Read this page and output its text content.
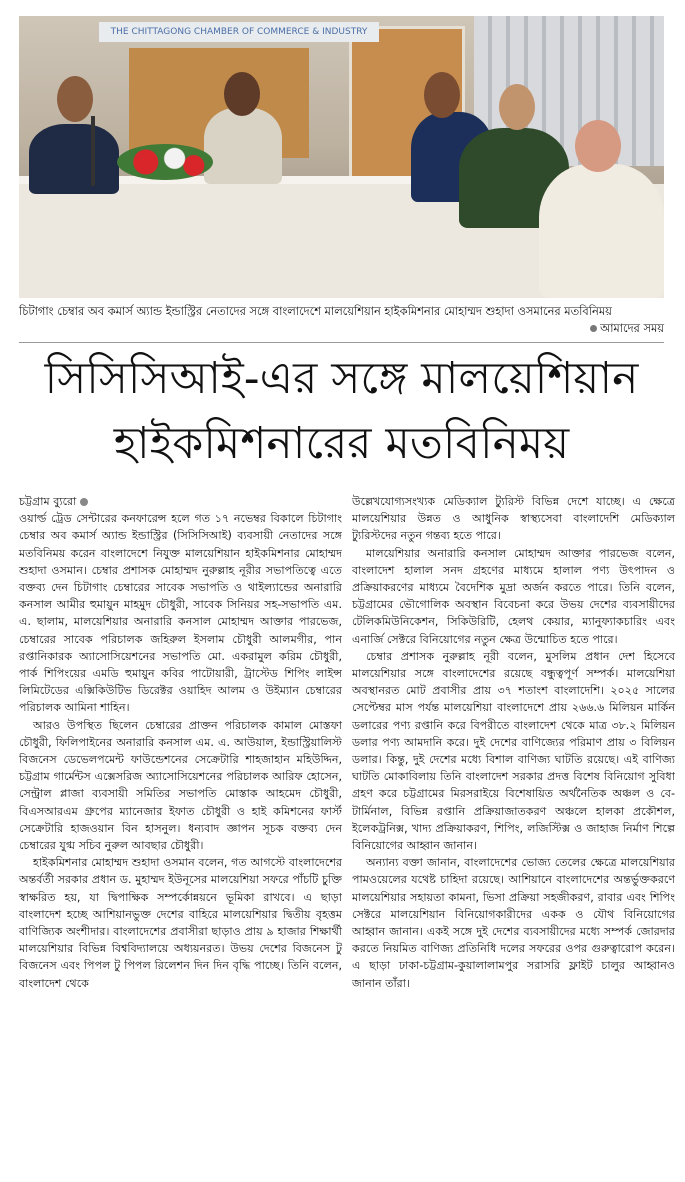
THE CHITTAGONG CHAMBER OF COMMERCE & INDUSTRY
চিটাগাং চেম্বার অব কমার্স অ্যান্ড ইন্ডাস্ট্রির নেতাদের সঙ্গে বাংলাদেশে মালয়েশিয়ান হাইকমিশনার মোহাম্মদ শুহাদা ওসমানের মতবিনিময়
আমাদের সময়
সিসিসিআই-এর সঙ্গে মালয়েশিয়ান
হাইকমিশনারের মতবিনিময়
চট্টগ্রাম ব্যুরো

ওয়ার্ল্ড ট্রেড সেন্টারের কনফারেন্স হলে গত ১৭ নভেম্বর বিকালে চিটাগাং চেম্বার অব কমার্স অ্যান্ড ইন্ডাস্ট্রির (সিসিসিআই) ব্যবসায়ী নেতাদের সঙ্গে মতবিনিময় করেন বাংলাদেশে নিযুক্ত মালয়েশিয়ান হাইকমিশনার মোহাম্মদ শুহাদা ওসমান। চেম্বার প্রশাসক মোহাম্মদ নুরুল্লাহ নূরীর সভাপতিত্বে এতে বক্তব্য দেন চিটাগাং চেম্বারের সাবেক সভাপতি ও থাইল্যান্ডের অনারারি কনসাল আমীর হুমায়ুন মাহমুদ চৌধুরী, সাবেক সিনিয়র সহ-সভাপতি এম. এ. ছালাম, মালয়েশিয়ার অনারারি কনসাল মোহাম্মদ আক্তার পারভেজ, চেম্বারের সাবেক পরিচালক জহিরুল ইসলাম চৌধুরী আলমগীর, পান রপ্তানিকারক অ্যাসোসিয়েশনের সভাপতি মো. একরামুল করিম চৌধুরী, পার্ক শিপিংয়ের এমডি হুমায়ুন কবির পাটোয়ারী, ট্রাস্টেড শিপিং লাইন্স লিমিটেডের এক্সিকিউটিভ ডিরেক্টর ওয়াহিদ আলম ও উইম্যান চেম্বারের পরিচালক আমিনা শাহিন।

আরও উপস্থিত ছিলেন চেম্বারের প্রাক্তন পরিচালক কামাল মোস্তফা চৌধুরী, ফিলিপাইনের অনারারি কনসাল এম. এ. আউয়াল, ইন্ডাস্ট্রিয়ালিস্ট বিজনেস ডেভেলপমেন্ট ফাউন্ডেশনের সেক্রেটারি শাহজাহান মহিউদ্দিন, চট্টগ্রাম গার্মেন্টস এক্সেসরিজ অ্যাসোসিয়েশনের পরিচালক আরিফ হোসেন, সেন্ট্রাল প্লাজা ব্যবসায়ী সমিতির সভাপতি মোস্তাক আহমেদ চৌধুরী, বিএসআরএম গ্রুপের ম্যানেজার ইফাত চৌধুরী ও হাই কমিশনের ফার্স্ট সেক্রেটারি হাজওয়ান বিন হাসনুল। ধন্যবাদ জ্ঞাপন সূচক বক্তব্য দেন চেম্বারের যুগ্ম সচিব নুরুল আবছার চৌধুরী।

হাইকমিশনার মোহাম্মদ শুহাদা ওসমান বলেন, গত আগস্টে বাংলাদেশের অন্তর্বর্তী সরকার প্রধান ড. মুহাম্মদ ইউনূসের মালয়েশিয়া সফরে পাঁচটি চুক্তি স্বাক্ষরিত হয়, যা দ্বিপাক্ষিক সম্পর্কোন্নয়নে ভূমিকা রাখবে। এ ছাড়া বাংলাদেশ হচ্ছে আশিয়ানভুক্ত দেশের বাহিরে মালয়েশিয়ার দ্বিতীয় বৃহত্তম বাণিজ্যিক অংশীদার। বাংলাদেশের প্রবাসীরা ছাড়াও প্রায় ৯ হাজার শিক্ষার্থী মালয়েশিয়ার বিভিন্ন বিশ্ববিদ্যালয়ে অধ্যয়নরত। উভয় দেশের বিজনেস টু বিজনেস এবং পিপল টু পিপল রিলেশন দিন দিন বৃদ্ধি পাচ্ছে। তিনি বলেন, বাংলাদেশ থেকে

উল্লেখযোগ্যসংখ্যক মেডিক্যাল ট্যুরিস্ট বিভিন্ন দেশে যাচ্ছে। এ ক্ষেত্রে মালয়েশিয়ার উন্নত ও আধুনিক স্বাস্থ্যসেবা বাংলাদেশি মেডিক্যাল ট্যুরিস্টদের নতুন গন্তব্য হতে পারে।

মালয়েশিয়ার অনারারি কনসাল মোহাম্মদ আক্তার পারভেজ বলেন, বাংলাদেশ হালাল সনদ গ্রহণের মাধ্যমে হালাল পণ্য উৎপাদন ও প্রক্রিয়াকরণের মাধ্যমে বৈদেশিক মুদ্রা অর্জন করতে পারে। তিনি বলেন, চট্টগ্রামের ভৌগোলিক অবস্থান বিবেচনা করে উভয় দেশের ব্যবসায়ীদের টেলিকমিউনিকেশন, সিকিউরিটি, হেলথ কেয়ার, ম্যানুফ্যাকচারিং এবং এনার্জি সেক্টরে বিনিয়োগের নতুন ক্ষেত্র উন্মোচিত হতে পারে।

চেম্বার প্রশাসক নুরুল্লাহ নূরী বলেন, মুসলিম প্রধান দেশ হিসেবে মালয়েশিয়ার সঙ্গে বাংলাদেশের রয়েছে বন্ধুত্বপূর্ণ সম্পর্ক। মালয়েশিয়া অবস্থানরত মোট প্রবাসীর প্রায় ৩৭ শতাংশ বাংলাদেশি। ২০২৫ সালের সেপ্টেম্বর মাস পর্যন্ত মালয়েশিয়া বাংলাদেশে প্রায় ২৬৬.৬ মিলিয়ন মার্কিন ডলারের পণ্য রপ্তানি করে বিপরীতে বাংলাদেশ থেকে মাত্র ৩৮.২ মিলিয়ন ডলার পণ্য আমদানি করে। দুই দেশের বাণিজ্যের পরিমাণ প্রায় ৩ বিলিয়ন ডলার। কিন্তু, দুই দেশের মধ্যে বিশাল বাণিজ্য ঘাটতি রয়েছে। এই বাণিজ্য ঘাটতি মোকাবিলায় তিনি বাংলাদেশ সরকার প্রদত্ত বিশেষ বিনিয়োগ সুবিধা গ্রহণ করে চট্টগ্রামের মিরসরাইয়ে বিশেষায়িত অর্থনৈতিক অঞ্চল ও বে-টার্মিনাল, বিভিন্ন রপ্তানি প্রক্রিয়াজাতকরণ অঞ্চলে হালকা প্রকৌশল, ইলেকট্রনিক্স, খাদ্য প্রক্রিয়াকরণ, শিপিং, লজিস্টিক্স ও জাহাজ নির্মাণ শিল্পে বিনিয়োগের আহ্বান জানান।

অন্যান্য বক্তা জানান, বাংলাদেশের ভোজ্য তেলের ক্ষেত্রে মালয়েশিয়ার পামওয়েলের যথেষ্ট চাহিদা রয়েছে। আশিয়ানে বাংলাদেশের অন্তর্ভুক্তকরণে মালয়েশিয়ার সহায়তা কামনা, ভিসা প্রক্রিয়া সহজীকরণ, রাবার এবং শিপিং সেক্টরে মালয়েশিয়ান বিনিয়োগকারীদের একক ও যৌথ বিনিয়োগের আহ্বান জানান। একই সঙ্গে দুই দেশের ব্যবসায়ীদের মধ্যে সম্পর্ক জোরদার করতে নিয়মিত বাণিজ্য প্রতিনিধি দলের সফরের ওপর গুরুত্বারোপ করেন। এ ছাড়া ঢাকা-চট্টগ্রাম-কুয়ালালামপুর সরাসরি ফ্লাইট চালুর আহ্বানও জানান তাঁরা।
